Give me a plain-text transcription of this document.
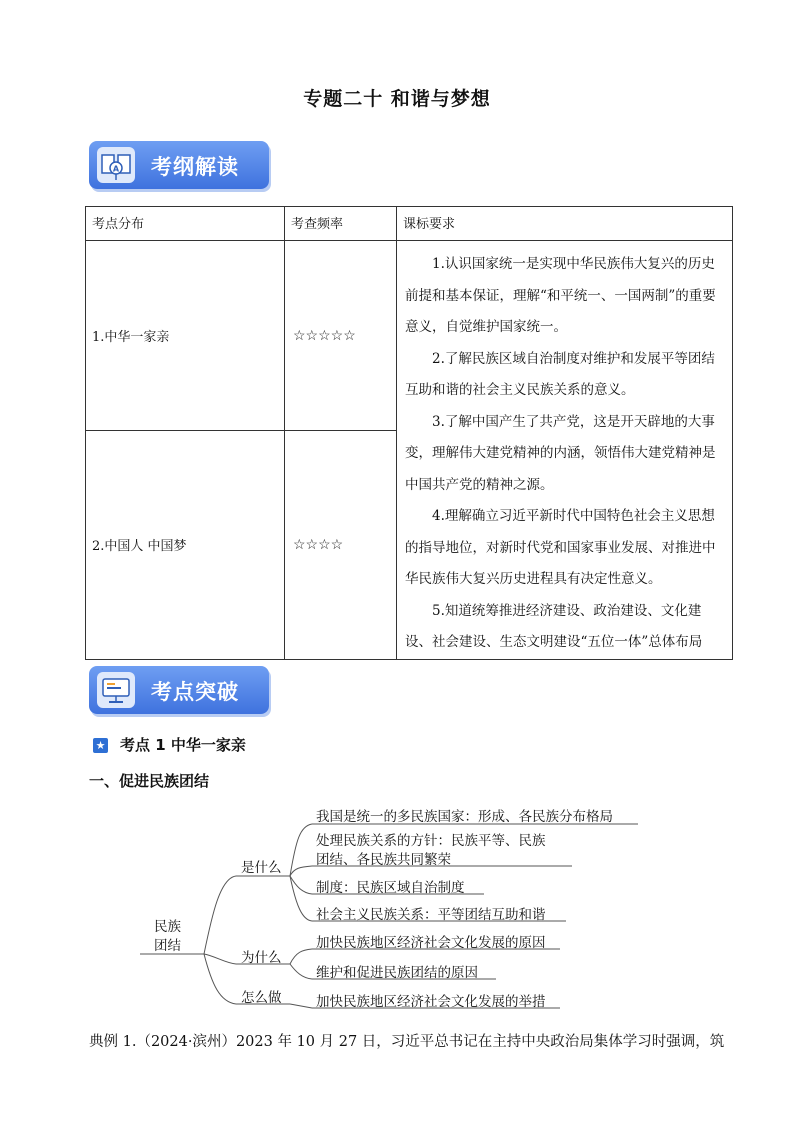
专题二十 和谐与梦想
A 考纲解读
考点分布	考查频率	课标要求
1.中华一家亲	☆☆☆☆☆	1.认识国家统一是实现中华民族伟大复兴的历史前提和基本保证，理解“和平统一、一国两制”的重要意义，自觉维护国家统一。

2.了解民族区域自治制度对维护和发展平等团结互助和谐的社会主义民族关系的意义。

3.了解中国产生了共产党，这是开天辟地的大事变，理解伟大建党精神的内涵，领悟伟大建党精神是中国共产党的精神之源。

4.理解确立习近平新时代中国特色社会主义思想的指导地位，对新时代党和国家事业发展、对推进中华民族伟大复兴历史进程具有决定性意义。

5.知道统筹推进经济建设、政治建设、文化建设、社会建设、生态文明建设“五位一体”总体布局

2.中国人 中国梦	☆☆☆☆	
考点突破
★ 考点 1 中华一家亲
一、促进民族团结
民族
团结
是什么
为什么
怎么做
我国是统一的多民族国家：形成、各民族分布格局
处理民族关系的方针：民族平等、民族
团结、各民族共同繁荣
制度：民族区域自治制度
社会主义民族关系：平等团结互助和谐
加快民族地区经济社会文化发展的原因
维护和促进民族团结的原因
加快民族地区经济社会文化发展的举措
典例 1.（2024·滨州）2023 年 10 月 27 日，习近平总书记在主持中央政治局集体学习时强调，筑
